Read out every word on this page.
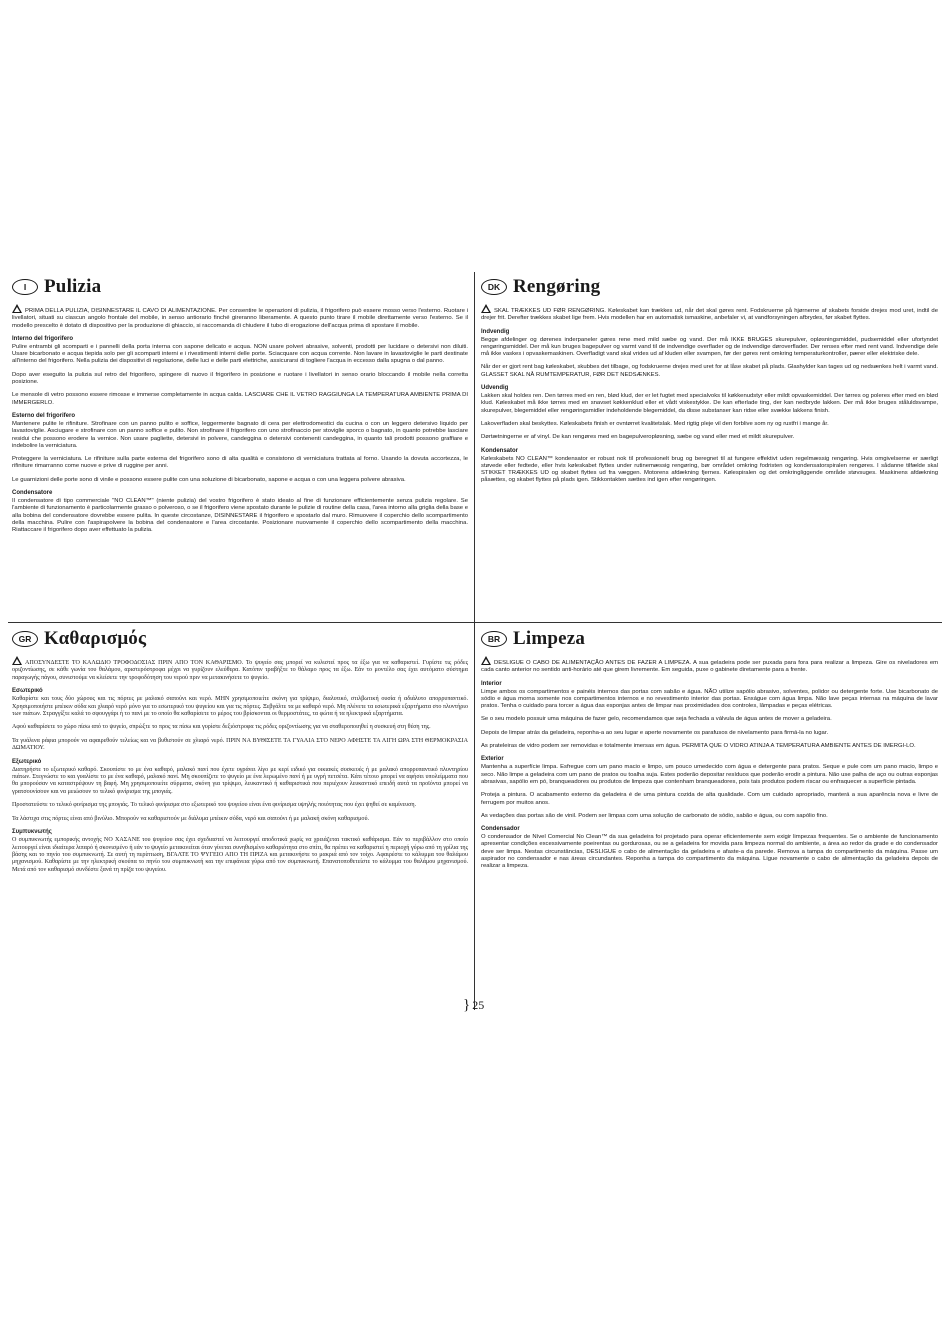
I Pulizia

PRIMA DELLA PULIZIA, DISINNESTARE IL CAVO DI ALIMENTAZIONE. Per consentire le operazioni di pulizia, il frigorifero può essere mosso verso l'esterno. Ruotare i livellatori, situati su ciascun angolo frontale del mobile, in senso antiorario finché gireranno liberamente. A questo punto tirare il mobile direttamente verso l'esterno. Se il modello prescelto è dotato di dispositivo per la produzione di ghiaccio, si raccomanda di chiudere il tubo di erogazione dell'acqua prima di spostare il mobile.

Interno del frigorifero

Pulire entrambi gli scomparti e i pannelli della porta interna con sapone delicato e acqua. NON usare polveri abrasive, solventi, prodotti per lucidare o detersivi non diluiti. Usare bicarbonato e acqua tiepida solo per gli scomparti interni e i rivestimenti interni delle porte. Sciacquare con acqua corrente. Non lavare in lavastoviglie le parti destinate all'interno del frigorifero. Nella pulizia dei dispositivi di regolazione, delle luci e delle parti elettriche, assicurarsi di togliere l'acqua in eccesso dalla spugna o dal panno.

Dopo aver eseguito la pulizia sul retro del frigorifero, spingere di nuovo il frigorifero in posizione e ruotare i livellatori in senso orario bloccando il mobile nella corretta posizione.

Le mensole di vetro possono essere rimosse e immerse completamente in acqua calda. LASCIARE CHE IL VETRO RAGGIUNGA LA TEMPERATURA AMBIENTE PRIMA DI IMMERGERLO.

Esterno del frigorifero

Mantenere pulite le rifiniture. Strofinare con un panno pulito e soffice, leggermente bagnato di cera per elettrodomestici da cucina o con un leggero detersivo liquido per lavastoviglie. Asciugare e strofinare con un panno soffice e pulito. Non strofinare il frigorifero con uno strofinaccio per stoviglie sporco o bagnato, in quanto potrebbe lasciare residui che possono erodere la vernice. Non usare pagliette, detersivi in polvere, candeggina o detersivi contenenti candeggina, in quanto tali prodotti possono graffiare e indebolire la verniciatura.

Proteggere la verniciatura. Le rifiniture sulla parte esterna del frigorifero sono di alta qualità e consistono di verniciatura trattata al forno. Usando la dovuta accortezza, le rifiniture rimarranno come nuove e prive di ruggine per anni.

Le guarnizioni delle porte sono di vinile e possono essere pulite con una soluzione di bicarbonato, sapone e acqua o con una leggera polvere abrasiva.

Condensatore

Il condensatore di tipo commerciale "NO CLEAN™" (niente pulizia) del vostro frigorifero è stato ideato al fine di funzionare efficientemente senza pulizia regolare. Se l'ambiente di funzionamento è particolarmente grasso o polveroso, o se il frigorifero viene spostato durante le pulizie di routine della casa, l'area intorno alla griglia della base e alla bobina del condensatore dovrebbe essere pulita. In queste circostanze, DISINNESTARE il frigorifero e spostarlo dal muro. Rimuovere il coperchio dello scompartimento della macchina. Pulire con l'aspirapolvere la bobina del condensatore e l'area circostante. Posizionare nuovamente il coperchio dello scompartimento della macchina. Riattaccare il frigorifero dopo aver effettuato la pulizia.

DK Rengøring

SKAL TRÆKKES UD FØR RENGØRING. Køleskabet kan trækkes ud, når det skal gøres rent. Fodskruerne på hjørnerne af skabets forside drejes mod uret, indtil de drejer frit. Derefter trækkes skabet lige frem. Hvis modellen har en automatisk ismaskine, anbefaler vi, at vandforsyningen afbrydes, før skabet flyttes.

Indvendig

Begge afdelinger og dørenes inderpaneler gøres rene med mild sæbe og vand. Der må IKKE BRUGES skurepulver, opløsningsmiddel, pudsemiddel eller ufortyndet rengøringsmiddel. Der må kun bruges bagepulver og varmt vand til de indvendige overflader og de indvendige døroverflader. Der renses efter med rent vand. Indvendige dele må ikke vaskes i opvaskemaskinen. Overfladigt vand skal vrides ud af kluden eller svampen, før der gøres rent omkring temperaturkontroller, pærer eller elektriske dele.

Når der er gjort rent bag køleskabet, skubbes det tilbage, og fodskruerne drejes med uret for at låse skabet på plads. Glashylder kan tages ud og nedsænkes helt i varmt vand. GLASSET SKAL NÅ RUMTEMPERATUR, FØR DET NEDSÆNKES.

Udvendig

Lakken skal holdes ren. Den tørres med en ren, blød klud, der er let fugtet med specialvoks til køkkenudstyr eller mildt opvaskemiddel. Der tørres og poleres efter med en blød klud. Køleskabet må ikke tørres med en snavset køkkenklud eller et vådt viskestykke. De kan efterlade ting, der kan nedbryde lakken. Der må ikke bruges ståluldsvampe, skurepulver, blegemiddel eller rengøringsmidler indeholdende blegemiddel, da disse substanser kan ridse eller svække lakkens finish.

Lakoverfladen skal beskyttes. Køleskabets finish er ovntørret kvalitetslak. Med rigtig pleje vil den forblive som ny og rustfri i mange år.

Dørtætningerne er af vinyl. De kan rengøres med en bagepulveropløsning, sæbe og vand eller med et mildt skurepulver.

Kondensator

Køleskabets NO CLEAN™ kondensator er robust nok til professionelt brug og beregnet til at fungere effektivt uden regelmæssig rengøring. Hvis omgivelserne er særligt støvede eller fedtede, eller hvis køleskabet flyttes under rutinemæssig rengøring, bør området omkring fodristen og kondensatorspiralen rengøres. I sådanne tilfælde skal STIKKET TRÆKKES UD og skabet flyttes ud fra væggen. Motorens afdækning fjernes. Kølespiralen og det omkringliggende område støvsuges. Maskinens afdækning påsættes, og skabet flyttes på plads igen. Stikkontakten sættes ind igen efter rengøringen.

GR Καθαρισμός

ΑΠΟΣΥΝΔΕΣΤΕ ΤΟ ΚΑΛΩΔΙΟ ΤΡΟΦΟΔΟΣΙΑΣ ΠΡΙΝ ΑΠΟ ΤΟΝ ΚΑΘΑΡΙΣΜΟ. Το ψυγείο σας μπορεί να κυλιστεί προς τα έξω για να καθαριστεί. Γυρίστε τις ρόδες οριζοντίωσης, σε κάθε γωνία του θαλάμου, αριστερόστροφα μέχρι να γυρίζουν ελεύθερα. Κατόπιν τραβήξτε το θάλαμο προς τα έξω. Εάν το μοντέλο σας έχει αυτόματο σύστημα παραγωγής πάγου, συνιστούμε να κλείσετε την τροφοδότηση του νερού πριν να μετακινήσετε το ψυγείο.

Εσωτερικό

Καθαρίστε και τους δύο χώρους και τις πόρτες με μαλακό σαπούνι και νερό. ΜΗΝ χρησιμοποιείτε σκόνη για τρίψιμο, διαλυτικό, στιλβωτική ουσία ή αδιάλυτο απορρυπαντικό. Χρησιμοποιήστε μπέικιν σόδα και χλιαρό νερό μόνο για το εσωτερικό του ψυγείου και για τις πόρτες. Ξεβγάλτε τα με καθαρό νερό. Μη πλένετε τα εσωτερικά εξαρτήματα στο πλυντήριο των πιάτων. Στραγγίξτε καλά το σφουγγάρι ή το πανί με το οποίο θα καθαρίσετε το μέρος του βρίσκονται οι θερμοστάτες, τα φώτα ή τα ηλεκτρικά εξαρτήματα.

Αφού καθαρίσετε το χώρο πίσω από το ψυγείο, σπρώξτε το προς τα πίσω και γυρίστε δεξιόστροφα τις ρόδες οριζοντίωσης για να σταθεροποιηθεί η συσκευή στη θέση της.

Τα γυάλινα ράφια μπορούν να αφαιρεθούν τελείως και να βυθιστούν σε χλιαρό νερό. ΠΡΙΝ ΝΑ ΒΥΘΙΣΕΤΕ ΤΑ ΓΥΑΛΙΑ ΣΤΟ ΝΕΡΟ ΑΦΗΣΤΕ ΤΑ ΛΙΓΗ ΩΡΑ ΣΤΗ ΘΕΡΜΟΚΡΑΣΙΑ ΔΩΜΑΤΙΟΥ.

Εξωτερικό

Διατηρήστε το εξωτερικό καθαρό. Σκουπίστε το με ένα καθαρό, μαλακό πανί που έχετε υγράνει λίγο με κερί ειδικό για οικιακές συσκευές ή με μαλακό απορρυπαντικό πλυντηρίου πιάτων. Στεγνώστε το και γυαλίστε το με ένα καθαρό, μαλακό πανί. Μη σκουπίζετε το ψυγείο με ένα λερωμένο πανί ή με υγρή πετσέτα. Κάτι τέτοιο μπορεί να αφήσει υπολείμματα που θα μπορούσαν να καταστρέψουν τη βαφή. Μη χρησιμοποιείτε σύρματα, σκόνη για τρίψιμο, λευκαντικό ή καθαριστικά που περιέχουν λευκαντικό επειδή αυτά τα προϊόντα μπορεί να γρατσουνίσουν και να μειώσουν το τελικό φινίρισμα της μπογιάς.

Προστατεύστε το τελικό φινίρισμα της μπογιάς. Το τελικό φινίρισμα στο εξωτερικό του ψυγείου είναι ένα φινίρισμα υψηλής ποιότητας που έχει ψηθεί σε καμίνευση.

Τα λάστιχα στις πόρτες είναι από βινύλιο. Μπορούν να καθαριστούν με διάλυμα μπέικιν σόδα, νερό και σαπούνι ή με μαλακή σκόνη καθαρισμού.

Συμπυκνωτής

Ο συμπυκνωτής εμπορικής αντοχής ΝΟ ΧΑΣΑΝΕ του ψυγείου σας έχει σχεδιαστεί να λειτουργεί αποδοτικά χωρίς να χρειάζεται τακτικό καθάρισμα. Εάν το περιβάλλον στο οποίο λειτουργεί είναι ιδιαίτερα λιπαρό ή σκονισμένο ή εάν το ψυγείο μετακινείται όταν γίνεται συνηθισμένο καθαριότητα στο σπίτι, θα πρέπει να καθαριστεί η περιοχή γύρω από τη γρίλια της βάσης και το πηνίο του συμπυκνωτή. Σε αυτή τη περίπτωση, ΒΓΑΛΤΕ ΤΟ ΨΥΓΕΙΟ ΑΠΟ ΤΗ ΠΡΙΖΑ και μετακινήστε το μακριά από τον τοίχο. Αφαιρέστε το κάλυμμα του θαλάμου μηχανισμού. Καθαρίστε με την ηλεκτρική σκούπα το πηνίο του συμπυκνωτή και την επιφάνεια γύρω από τον συμπυκνωτή. Επανατοποθετείστε το κάλυμμα του θαλάμου μηχανισμού. Μετά από τον καθαρισμό συνδέστε ξανά τη πρίζα του ψυγείου.

BR Limpeza

DESLIGUE O CABO DE ALIMENTAÇÃO ANTES DE FAZER A LIMPEZA. A sua geladeira pode ser puxada para fora para realizar a limpeza. Gire os niveladores em cada canto anterior no sentido anti-horário até que girem livremente. Em seguida, puxe o gabinete diretamente para a frente.

Interior

Limpe ambos os compartimentos e painéis internos das portas com sabão e água. NÃO utilize sapólio abrasivo, solventes, polidor ou detergente forte. Use bicarbonato de sódio e água morna somente nos compartimentos internos e no revestimento interior das portas. Enxágue com água limpa. Não lave peças internas na máquina de lavar pratos. Tenha o cuidado para torcer a água das esponjas antes de limpar nas proximidades dos controles, lâmpadas e peças elétricas.

Se o seu modelo possuir uma máquina de fazer gelo, recomendamos que seja fechada a válvula de água antes de mover a geladeira.

Depois de limpar atrás da geladeira, reponha-a ao seu lugar e aperte novamente os parafusos de nivelamento para firmá-la no lugar.

As prateleiras de vidro podem ser removidas e totalmente imersas em água. PERMITA QUE O VIDRO ATINJA A TEMPERATURA AMBIENTE ANTES DE IMERGI-LO.

Exterior

Mantenha a superfície limpa. Esfregue com um pano macio e limpo, um pouco umedecido com água e detergente para pratos. Seque e pule com um pano macio, limpo e seco. Não limpe a geladeira com um pano de pratos ou toalha suja. Estes poderão depositar resíduos que poderão erodir a pintura. Não use palha de aço ou outras esponjas abrasivas, sapólio em pó, branqueadores ou produtos de limpeza que contenham branqueadores, pois tais produtos podem riscar ou enfraquecer a superfície pintada.

Proteja a pintura. O acabamento externo da geladeira é de uma pintura cozida de alta qualidade. Com um cuidado apropriado, manterá a sua aparência nova e livre de ferrugem por muitos anos.

As vedações das portas são de vinil. Podem ser limpas com uma solução de carbonato de sódio, sabão e água, ou com sapólio fino.

Condensador

O condensador de Nível Comercial No Clean™ da sua geladeira foi projetado para operar eficientemente sem exigir limpezas frequentes. Se o ambiente de funcionamento apresentar condições excessivamente poeirentas ou gordurosas, ou se a geladeira for movida para limpeza normal do ambiente, a área ao redor da grade e do condensador deve ser limpa. Nestas circunstâncias, DESLIGUE o cabo de alimentação da geladeira e afaste-a da parede. Remova a tampa do compartimento da máquina. Passe um aspirador no condensador e nas áreas circundantes. Reponha a tampa do compartimento da máquina. Ligue novamente o cabo de alimentação da geladeira depois de realizar a limpeza.

} 25
